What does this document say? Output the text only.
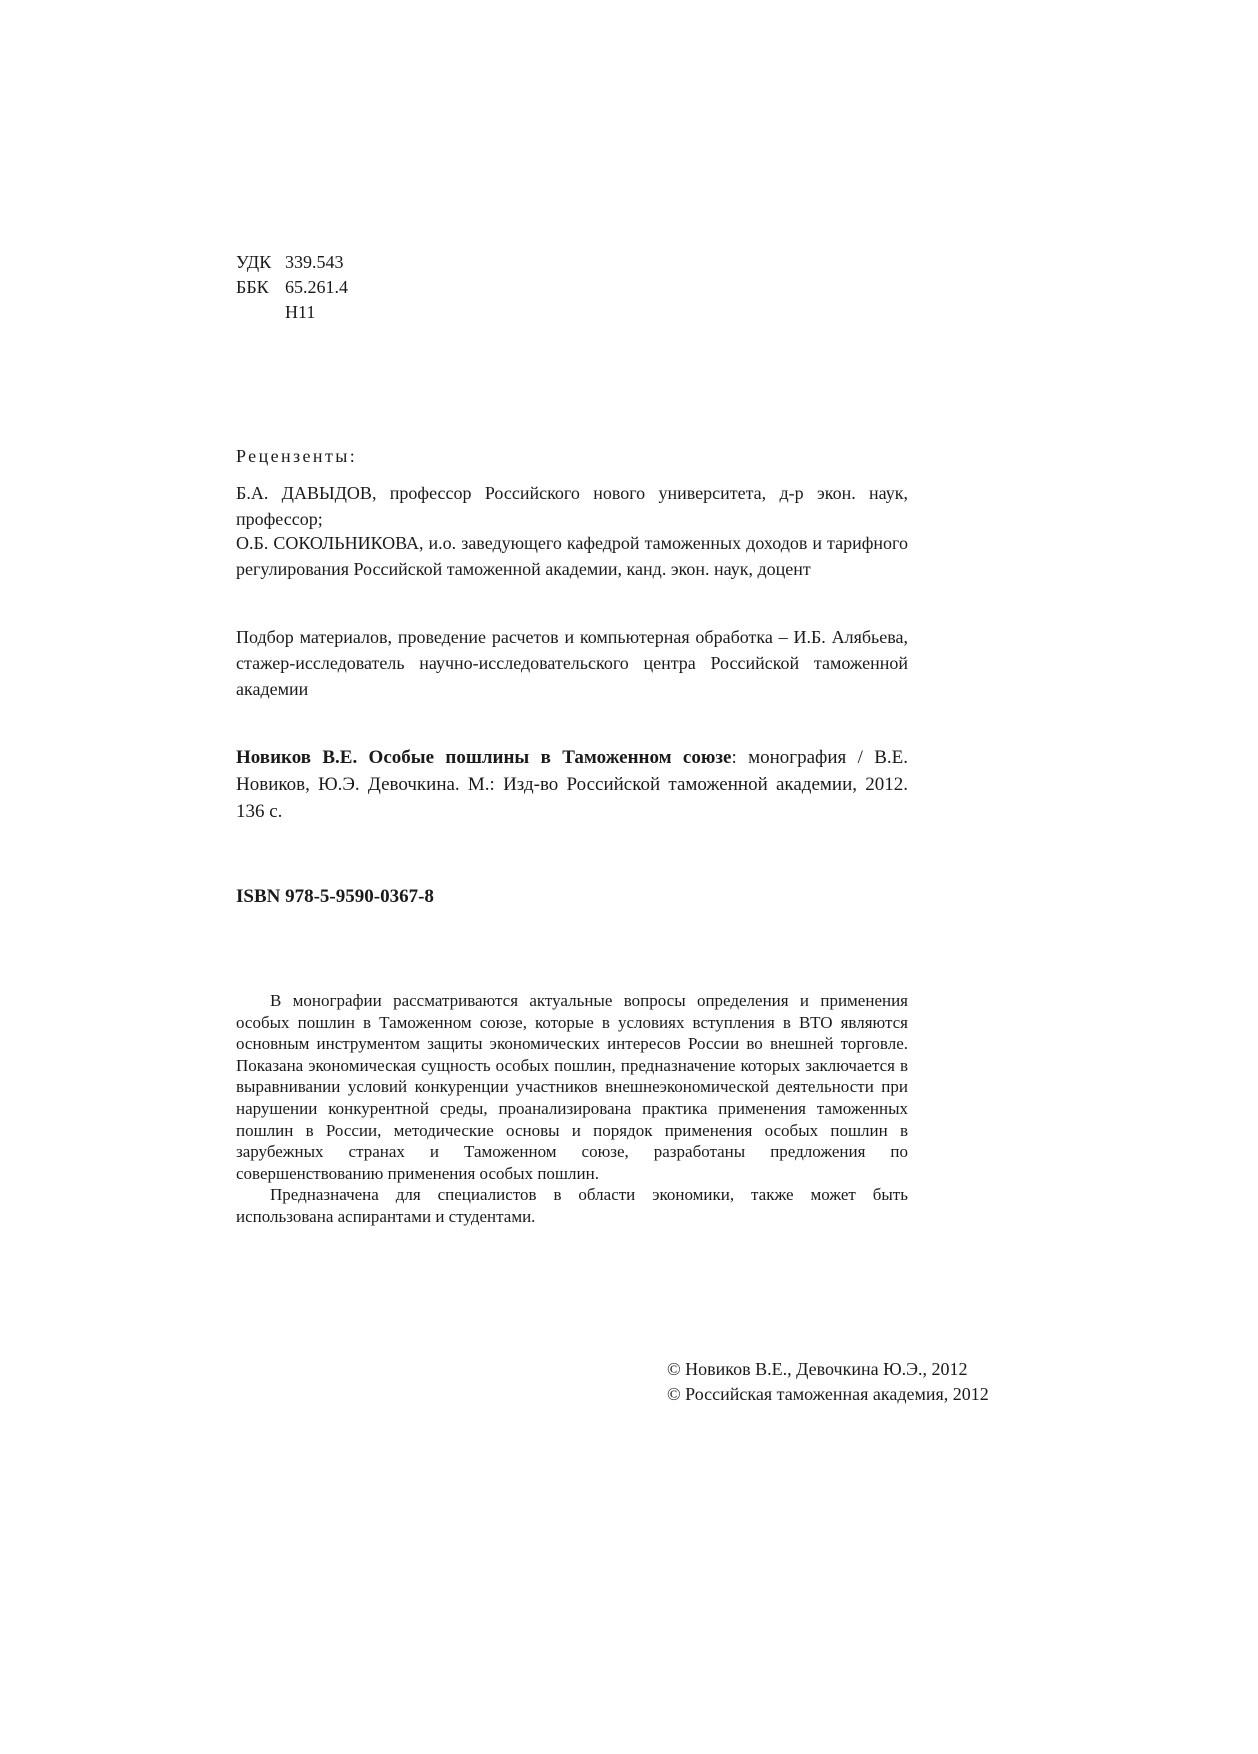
УДК 339.543
ББК 65.261.4
Н11
Рецензенты:

Б.А. ДАВЫДОВ, профессор Российского нового университета, д-р экон. наук, профессор;

О.Б. СОКОЛЬНИКОВА, и.о. заведующего кафедрой таможенных доходов и тарифного регулирования Российской таможенной академии, канд. экон. наук, доцент

Подбор материалов, проведение расчетов и компьютерная обработка – И.Б. Алябьева, стажер-исследователь научно-исследовательского центра Российской таможенной академии

Новиков В.Е. Особые пошлины в Таможенном союзе: монография / В.Е. Новиков, Ю.Э. Девочкина. М.: Изд-во Российской таможенной академии, 2012. 136 с.

ISBN 978-5-9590-0367-8

В монографии рассматриваются актуальные вопросы определения и применения особых пошлин в Таможенном союзе, которые в условиях вступления в ВТО являются основным инструментом защиты экономических интересов России во внешней торговле. Показана экономическая сущность особых пошлин, предназначение которых заключается в выравнивании условий конкуренции участников внешнеэкономической деятельности при нарушении конкурентной среды, проанализирована практика применения таможенных пошлин в России, методические основы и порядок применения особых пошлин в зарубежных странах и Таможенном союзе, разработаны предложения по совершенствованию применения особых пошлин.

Предназначена для специалистов в области экономики, также может быть использована аспирантами и студентами.

© Новиков В.Е., Девочкина Ю.Э., 2012
© Российская таможенная академия, 2012
